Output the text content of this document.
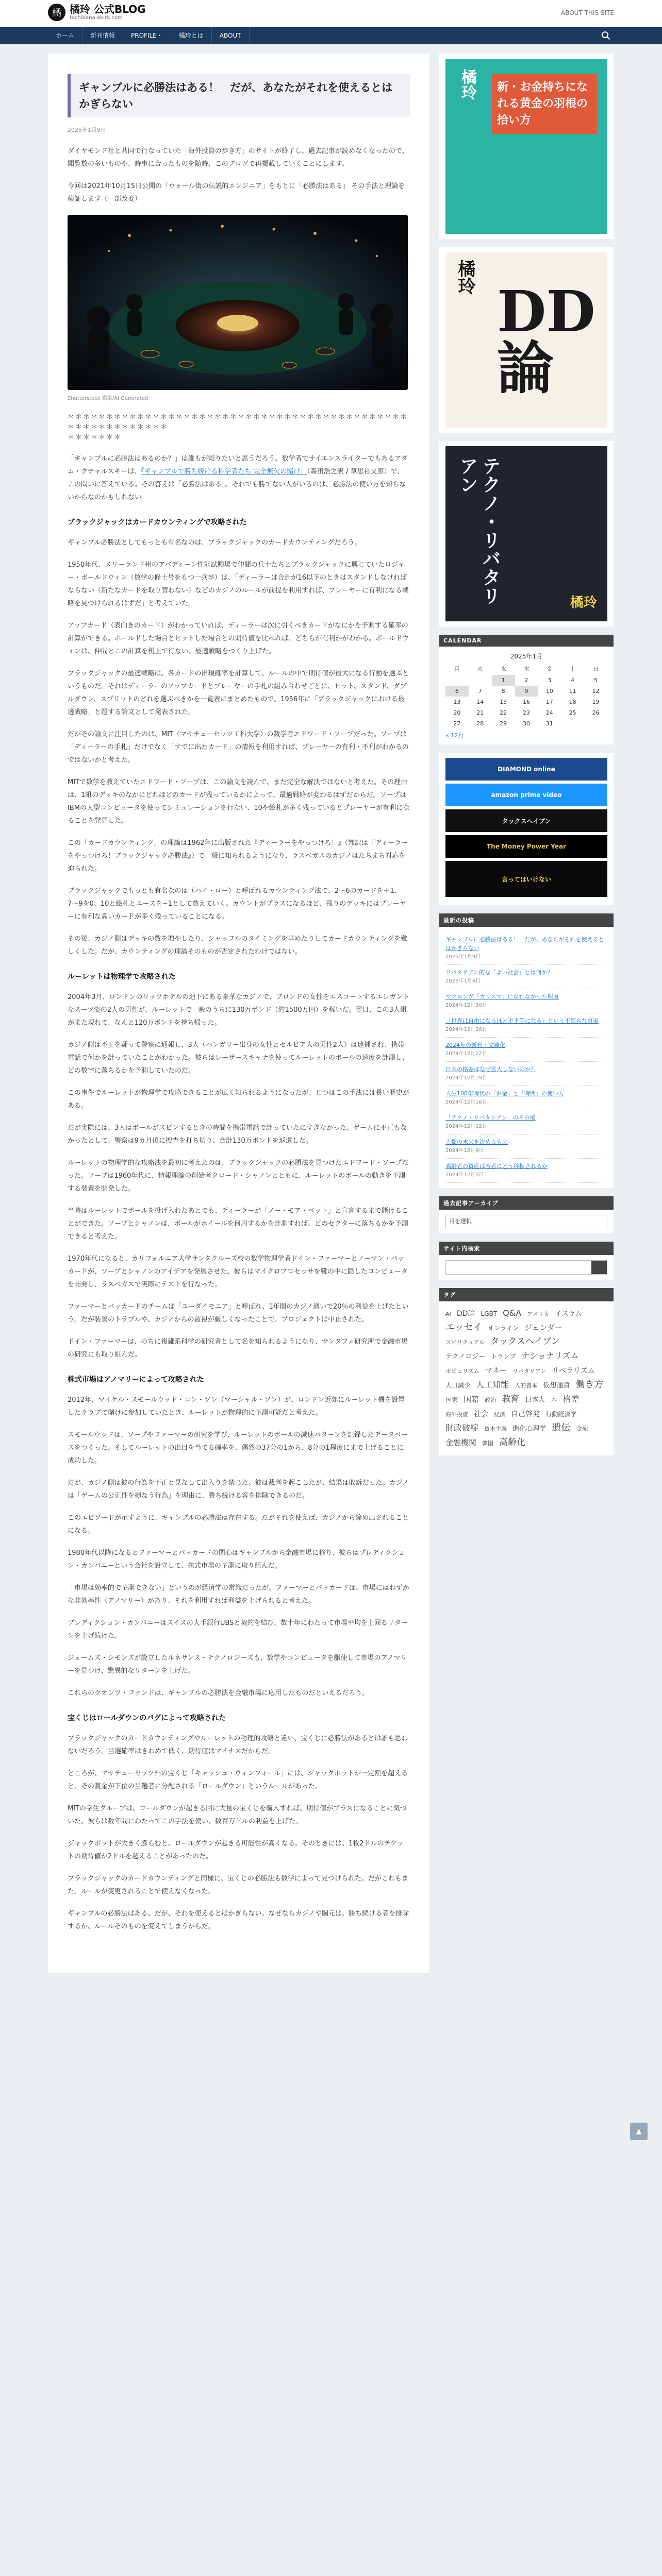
橘 橘玲 公式BLOG
tachibana-akira.com
ABOUT THIS SITE
ホーム	新刊情報	PROFILE・	橘玲とは	ABOUT
ギャンブルに必勝法はある！　だが、あなたがそれを使えるとはかぎらない
2025年1月9日

ダイヤモンド社と共同で行なっていた「海外投資の歩き方」のサイトが終了し、過去記事が読めなくなったので、閲覧数の多いものや、時事に合ったものを随時、このブログで再掲載していくことにします。

今回は2021年10月15日公開の「ウォール街の伝説的エンジニア」をもとに「必勝法はある」 その手法と理論を検証します（一部改変）

Shutterstock 撮影/AI Generated
＊＊＊＊＊＊＊＊＊＊＊＊＊＊＊＊＊＊＊＊＊＊＊＊＊＊＊＊＊＊＊＊＊＊＊＊＊＊＊＊＊＊＊＊＊＊＊＊＊＊＊＊＊＊＊＊＊
＊＊＊＊＊＊＊

「ギャンブルに必勝法はあるのか？」は誰もが知りたいと思うだろう。数学者でサイエンスライターでもあるアダム・クチャルスキーは、『ギャンブルで勝ち続ける科学者たち 完全無欠の賭け』（森田浩之訳 / 草思社文庫）で、この問いに答えている。その答えは「必勝法はある」。それでも勝てない人がいるのは、必勝法の使い方を知らないからなのかもしれない。

ブラックジャックはカードカウンティングで攻略された

ギャンブル必勝法としてもっとも有名なのは、ブラックジャックのカードカウンティングだろう。

1950年代、メリーランド州のアバディーン性能試験場で仲間の兵士たちとブラックジャックに興じていたロジャー・ボールドウィン（数学の修士号をもつ一兵卒）は、「ディーラーは合計が16以下のときはスタンドしなければならない（新たなカードを取り替わない）などのカジノのルールが前提を利用すれば、プレーヤーに有利になる戦略を見つけられるはずだ」と考えていた。

アップカード（表向きのカード）がわかっていれば、ディーラーは次に引くべきカードがなにかを予測する確率の計算ができる。ホールドした場合とヒットした場合との期待値を比べれば、どちらが有利かがわかる。ボールドウィンは、仲間とこの計算を机上で行ない、最適戦略をつくり上げた。

ブラックジャックの最適戦略は、各カードの出現確率を計算して、ルールの中で期待値が最大になる行動を選ぶというものだ。それはディーラーのアップカードとプレーヤーの手札の組み合わせごとに、ヒット、スタンド、ダブルダウン、スプリットのどれを選ぶべきかを一覧表にまとめたもので、1956年に「ブラックジャックにおける最適戦略」と題する論文として発表された。

だがその論文に注目したのは、MIT（マサチューセッツ工科大学）の数学者エドワード・ソープだった。ソープは「ディーラーの手札」だけでなく「すでに出たカード」の情報を利用すれば、プレーヤーの有利・不利がわかるのではないかと考えた。

MITで数学を教えていたエドワード・ソープは、この論文を読んで、まだ完全な解決ではないと考えた。その理由は、1組のデッキのなかにどれほどのカードが残っているかによって、最適戦略が変わるはずだからだ。ソープはIBMの大型コンピュータを使ってシミュレーションを行ない、10や絵札が多く残っているとプレーヤーが有利になることを発見した。

この「カードカウンティング」の理論は1962年に出版された『ディーラーをやっつけろ！』（邦訳は『ディーラーをやっつけろ！ブラックジャック必勝法』）で一般に知られるようになり、ラスベガスのカジノはたちまち対応を迫られた。

ブラックジャックでもっとも有名なのは（ハイ・ロー）と呼ばれるカウンティング法で、2〜6のカードを＋1、7〜9を0、10と絵札とエースを−1として数えていく。カウントがプラスになるほど、残りのデッキにはプレーヤーに有利な高いカードが多く残っていることになる。

その後、カジノ側はデッキの数を増やしたり、シャッフルのタイミングを早めたりしてカードカウンティングを難しくした。だが、カウンティングの理論そのものが否定されたわけではない。

ルーレットは物理学で攻略された

2004年3月、ロンドンのリッツホテルの地下にある豪華なカジノで、ブロンドの女性をエスコートするエレガントなスーツ姿の2人の男性が、ルーレットで一晩のうちに130万ポンド（約1500万円）を稼いだ。翌日、この3人組がまた現れて、なんと120万ポンドを持ち帰った。

カジノ側は不正を疑って警察に通報し、3人（ハンガリー出身の女性とセルビア人の男性2人）は逮捕され、携帯電話で何かを計っていたことがわかった。彼らはレーザースキャナを使ってルーレットのボールの速度を計測し、どの数字に落ちるかを予測していたのだ。

この事件でルーレットが物理学で攻略できることが広く知られるようになったが、じつはこの手法には長い歴史がある。

だが実際には、3人はボールがスピンするときの時間を携帯電話で計っていたにすぎなかった。ゲームに不正もなかったとして、警察は9カ月後に捜査を打ち切り、合計130万ポンドを返還した。

ルーレットの物理学的な攻略法を最初に考えたのは、ブラックジャックの必勝法を見つけたエドワード・ソープだった。ソープは1960年代に、情報理論の創始者クロード・シャノンとともに、ルーレットのボールの動きを予測する装置を開発した。

当時はルーレットでボールを投げ入れたあとでも、ディーラーが「ノー・モア・ベット」と宣言するまで賭けることができた。ソープとシャノンは、ボールがホイールを何周するかを計測すれば、どのセクターに落ちるかを予測できると考えた。

1970年代になると、カリフォルニア大学サンタクルーズ校の数学物理学者ドイン・ファーマーとノーマン・パッカードが、ソープとシャノンのアイデアを発展させた。彼らはマイクロプロセッサを靴の中に隠したコンピュータを開発し、ラスベガスで実際にテストを行なった。

ファーマーとパッカードのチームは「ユーダイモニア」と呼ばれ、1年間のカジノ通いで20％の利益を上げたという。だが装置のトラブルや、カジノからの監視が厳しくなったことで、プロジェクトは中止された。

ドイン・ファーマーは、のちに複雑系科学の研究者として名を知られるようになり、サンタフェ研究所で金融市場の研究にも取り組んだ。

株式市場はアノマリーによって攻略された

2012年、マイケル・スモールウッド・コン・ソン（マーシャル・ソン）が、ロンドン近郊にルーレット機を設置したクラブで賭けに参加していたとき、ルーレットが物理的に予測可能だと考えた。

スモールウッドは、ソープやファーマーの研究を学び、ルーレットのボールの減速パターンを記録したデータベースをつくった。そしてルーレットの出目を当てる確率を、偶然の37分の1から、8分の1程度にまで上げることに成功した。

だが、カジノ側は彼の行為を不正と見なして出入りを禁じた。彼は裁判を起こしたが、結果は敗訴だった。カジノは「ゲームの公正性を損なう行為」を理由に、勝ち続ける客を排除できるのだ。

このエピソードが示すように、ギャンブルの必勝法は存在する。だがそれを使えば、カジノから締め出されることになる。

1980年代以降になるとファーマーとパッカードの関心はギャンブルから金融市場に移り、彼らはプレディクション・カンパニーという会社を設立して、株式市場の予測に取り組んだ。

「市場は効率的で予測できない」というのが経済学の常識だったが、ファーマーとパッカードは、市場にはわずかな非効率性（アノマリー）があり、それを利用すれば利益を上げられると考えた。

プレディクション・カンパニーはスイスの大手銀行UBSと契約を結び、数十年にわたって市場平均を上回るリターンを上げ続けた。

ジェームズ・シモンズが設立したルネサンス・テクノロジーズも、数学やコンピュータを駆使して市場のアノマリーを見つけ、驚異的なリターンを上げた。

これらのクオンツ・ファンドは、ギャンブルの必勝法を金融市場に応用したものだといえるだろう。

宝くじはロールダウンのバグによって攻略された

ブラックジャックのカードカウンティングやルーレットの物理的攻略と違い、宝くじに必勝法があるとは誰も思わないだろう。当選確率はきわめて低く、期待値はマイナスだからだ。

ところが、マサチューセッツ州の宝くじ「キャッシュ・ウィンフォール」には、ジャックポットが一定額を超えると、その賞金が下位の当選者に分配される「ロールダウン」というルールがあった。

MITの学生グループは、ロールダウンが起きる回に大量の宝くじを購入すれば、期待値がプラスになることに気づいた。彼らは数年間にわたってこの手法を使い、数百万ドルの利益を上げた。

ジャックポットが大きく膨らむと、ロールダウンが起きる可能性が高くなる。そのときには、1枚2ドルのチケットの期待値が2ドルを超えることがあったのだ。

ブラックジャックのカードカウンティングと同様に、宝くじの必勝法も数学によって見つけられた。だがこれもまた、ルールが変更されることで使えなくなった。

ギャンブルの必勝法はある。だが、それを使えるとはかぎらない。なぜならカジノや胴元は、勝ち続ける者を排除するか、ルールそのものを変えてしまうからだ。

橘玲	新・お金持ちになれる黄金の羽根の拾い方
橘玲
DD論
テクノ・リバタリアン
橘玲
CALENDAR
2025年1月
月	火	水	木	金	土	日
		1	2	3	4	5
6	7	8	9	10	11	12
13	14	15	16	17	18	19
20	21	22	23	24	25	26
27	28	29	30	31		
« 12月
DIAMOND online
amazon prime video
タックスヘイブン
The Money Power Year
言ってはいけない
最新の投稿
ギャンブルに必勝法はある！　だが、あなたがそれを使えるとはかぎらない
2025年1月9日
リバタリアン的な「よい社会」とは何か？
2025年1月6日
マクロンが「カリスマ」になれなかった理由
2024年12月30日
「世界は自由になるほど不平等になる」という不都合な真実
2024年12月26日
2024年の新刊・文庫化
2024年12月22日
日本の格差はなぜ拡大しないのか？
2024年12月19日
人生100年時代の「お金」と「時間」の使い方
2024年12月16日
「テクノ・リバタリアン」のその後
2024年12月12日
人類の未来を決めるもの
2024年12月9日
高齢者の資産は若者にどう移転されるか
2024年12月5日
過去記事アーカイブ
月を選択
サイト内検索
タグ
AI DD論 LGBT Q&A アメリカ イスラム エッセイ オンライン ジェンダー スピリチュアル タックスヘイブン テクノロジー トランプ ナショナリズム ポピュリズム マネー リバタリアン リベラリズム 人口減少 人工知能 人的資本 仮想通貨 働き方 国家 国籍 政治 教育 日本人 本 格差 海外投資 社会 経済 自己啓発 行動経済学 財政破綻 資本主義 進化心理学 遺伝 金融 金融機関 韓国 高齢化
▲
